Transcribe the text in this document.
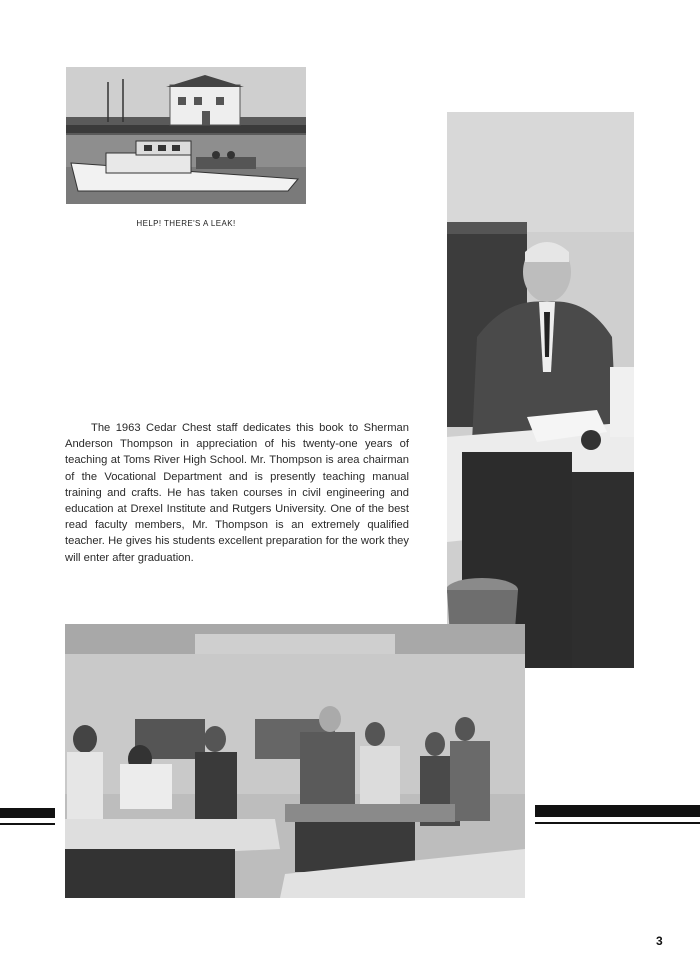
HELP! THERE'S A LEAK!
The 1963 Cedar Chest staff dedicates this book to Sherman Anderson Thompson in appreciation of his twenty-one years of teaching at Toms River High School. Mr. Thompson is area chairman of the Vocational Department and is presently teaching manual training and crafts. He has taken courses in civil engineering and education at Drexel Institute and Rutgers University. One of the best read faculty members, Mr. Thompson is an extremely qualified teacher. He gives his students excellent preparation for the work they will enter after graduation.
3
